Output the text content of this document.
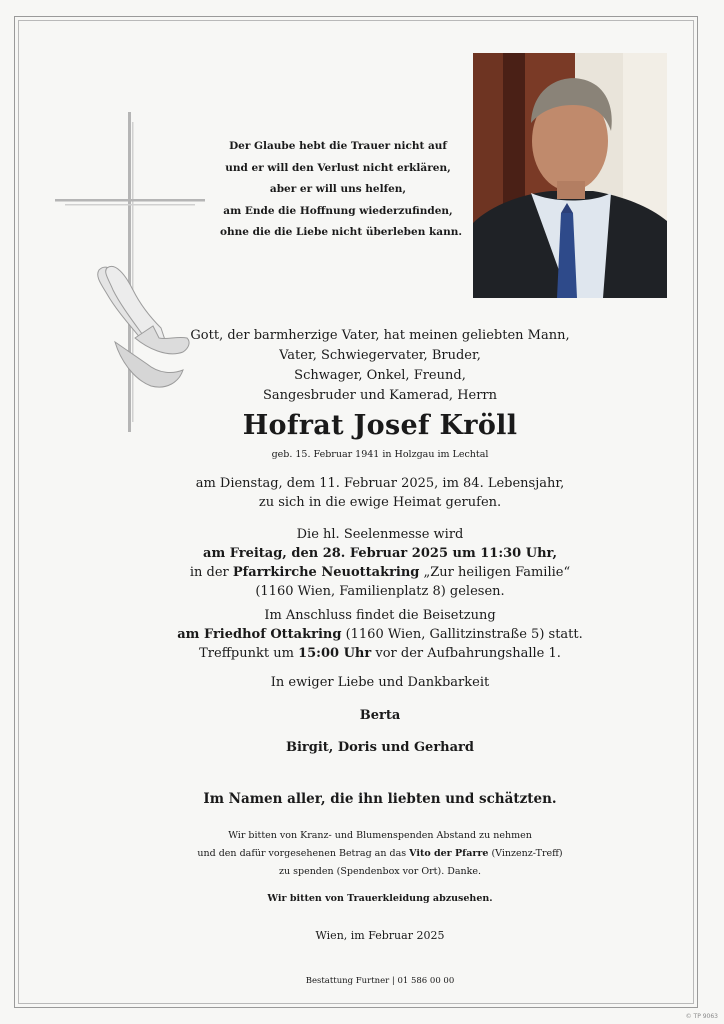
Der Glaube hebt die Trauer nicht auf
und er will den Verlust nicht erklären,
aber er will uns helfen,
am Ende die Hoffnung wiederzufinden,
ohne die die Liebe nicht überleben kann.
Gott, der barmherzige Vater, hat meinen geliebten Mann,
Vater, Schwiegervater, Bruder,
Schwager, Onkel, Freund,
Sangesbruder und Kamerad, Herrn
Hofrat Josef Kröll
geb. 15. Februar 1941 in Holzgau im Lechtal
am Dienstag, dem 11. Februar 2025, im 84. Lebensjahr,
zu sich in die ewige Heimat gerufen.
Die hl. Seelenmesse wird
am Freitag, den 28. Februar 2025 um 11:30 Uhr,
in der Pfarrkirche Neuottakring „Zur heiligen Familie“
(1160 Wien, Familienplatz 8) gelesen.
Im Anschluss findet die Beisetzung
am Friedhof Ottakring (1160 Wien, Gallitzinstraße 5) statt.
Treffpunkt um 15:00 Uhr vor der Aufbahrungshalle 1.
In ewiger Liebe und Dankbarkeit
Berta
Birgit, Doris und Gerhard
Im Namen aller, die ihn liebten und schätzten.
Wir bitten von Kranz- und Blumenspenden Abstand zu nehmen
und den dafür vorgesehenen Betrag an das Vito der Pfarre (Vinzenz-Treff)
zu spenden (Spendenbox vor Ort). Danke.
Wir bitten von Trauerkleidung abzusehen.
Wien, im Februar 2025
Bestattung Furtner | 01 586 00 00
© TP 9063
